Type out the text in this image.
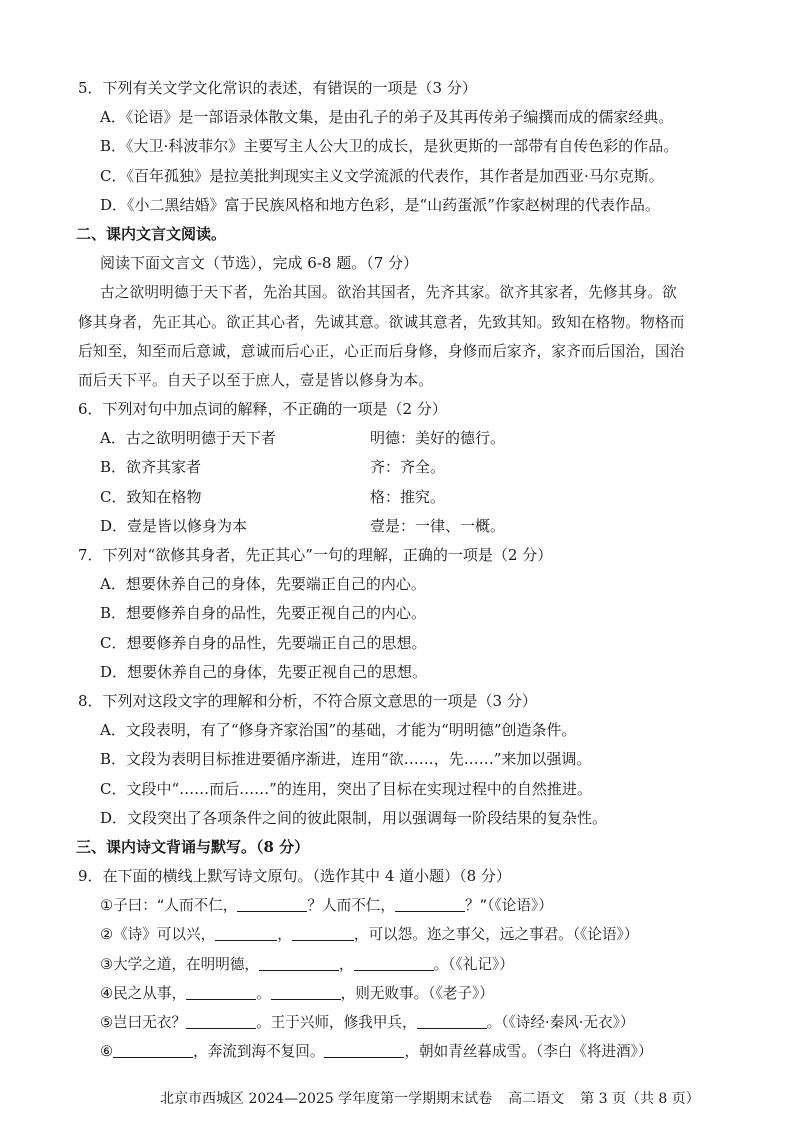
5．下列有关文学文化常识的表述，有错误的一项是（3 分）
A．《论语》是一部语录体散文集，是由孔子的弟子及其再传弟子编撰而成的儒家经典。
B．《大卫·科波菲尔》主要写主人公大卫的成长，是狄更斯的一部带有自传色彩的作品。
C．《百年孤独》是拉美批判现实主义文学流派的代表作，其作者是加西亚·马尔克斯。
D．《小二黑结婚》富于民族风格和地方色彩，是“山药蛋派”作家赵树理的代表作品。
二、课内文言文阅读。
阅读下面文言文（节选），完成 6-8 题。（7 分）
古之欲明明德于天下者，先治其国。欲治其国者，先齐其家。欲齐其家者，先修其身。欲
修其身者，先正其心。欲正其心者，先诚其意。欲诚其意者，先致其知。致知在格物。物格而
后知至，知至而后意诚，意诚而后心正，心正而后身修，身修而后家齐，家齐而后国治，国治
而后天下平。自天子以至于庶人，壹是皆以修身为本。
6．下列对句中加点词的解释，不正确的一项是（2 分）
A．古之欲明明德于天下者	明德：美好的德行。
B．欲齐其家者	齐：齐全。
C．致知在格物	格：推究。
D．壹是皆以修身为本	壹是：一律、一概。
7．下列对“欲修其身者，先正其心”一句的理解，正确的一项是（2 分）
A．想要休养自己的身体，先要端正自己的内心。
B．想要修养自身的品性，先要正视自己的内心。
C．想要修养自身的品性，先要端正自己的思想。
D．想要休养自己的身体，先要正视自己的思想。
8．下列对这段文字的理解和分析，不符合原文意思的一项是（3 分）
A．文段表明，有了“修身齐家治国”的基础，才能为“明明德”创造条件。
B．文段为表明目标推进要循序渐进，连用“欲……，先……”来加以强调。
C．文段中“……而后……”的连用，突出了目标在实现过程中的自然推进。
D．文段突出了各项条件之间的彼此限制，用以强调每一阶段结果的复杂性。
三、课内诗文背诵与默写。（8 分）
9．在下面的横线上默写诗文原句。（选作其中 4 道小题）（8 分）
①子曰：“人而不仁，	？人而不仁，	？”（《论语》）
②《诗》可以兴，	，	，可以怨。迩之事父，远之事君。（《论语》）
③大学之道，在明明德，	，	。（《礼记》）
④民之从事，	。	，则无败事。（《老子》）
⑤岂曰无衣？	。王于兴师，修我甲兵，	。（《诗经·秦风·无衣》）
⑥	，奔流到海不复回。	，朝如青丝暮成雪。（李白《将进酒》）
北京市西城区 2024—2025 学年度第一学期期末试卷 高二语文 第 3 页（共 8 页）
